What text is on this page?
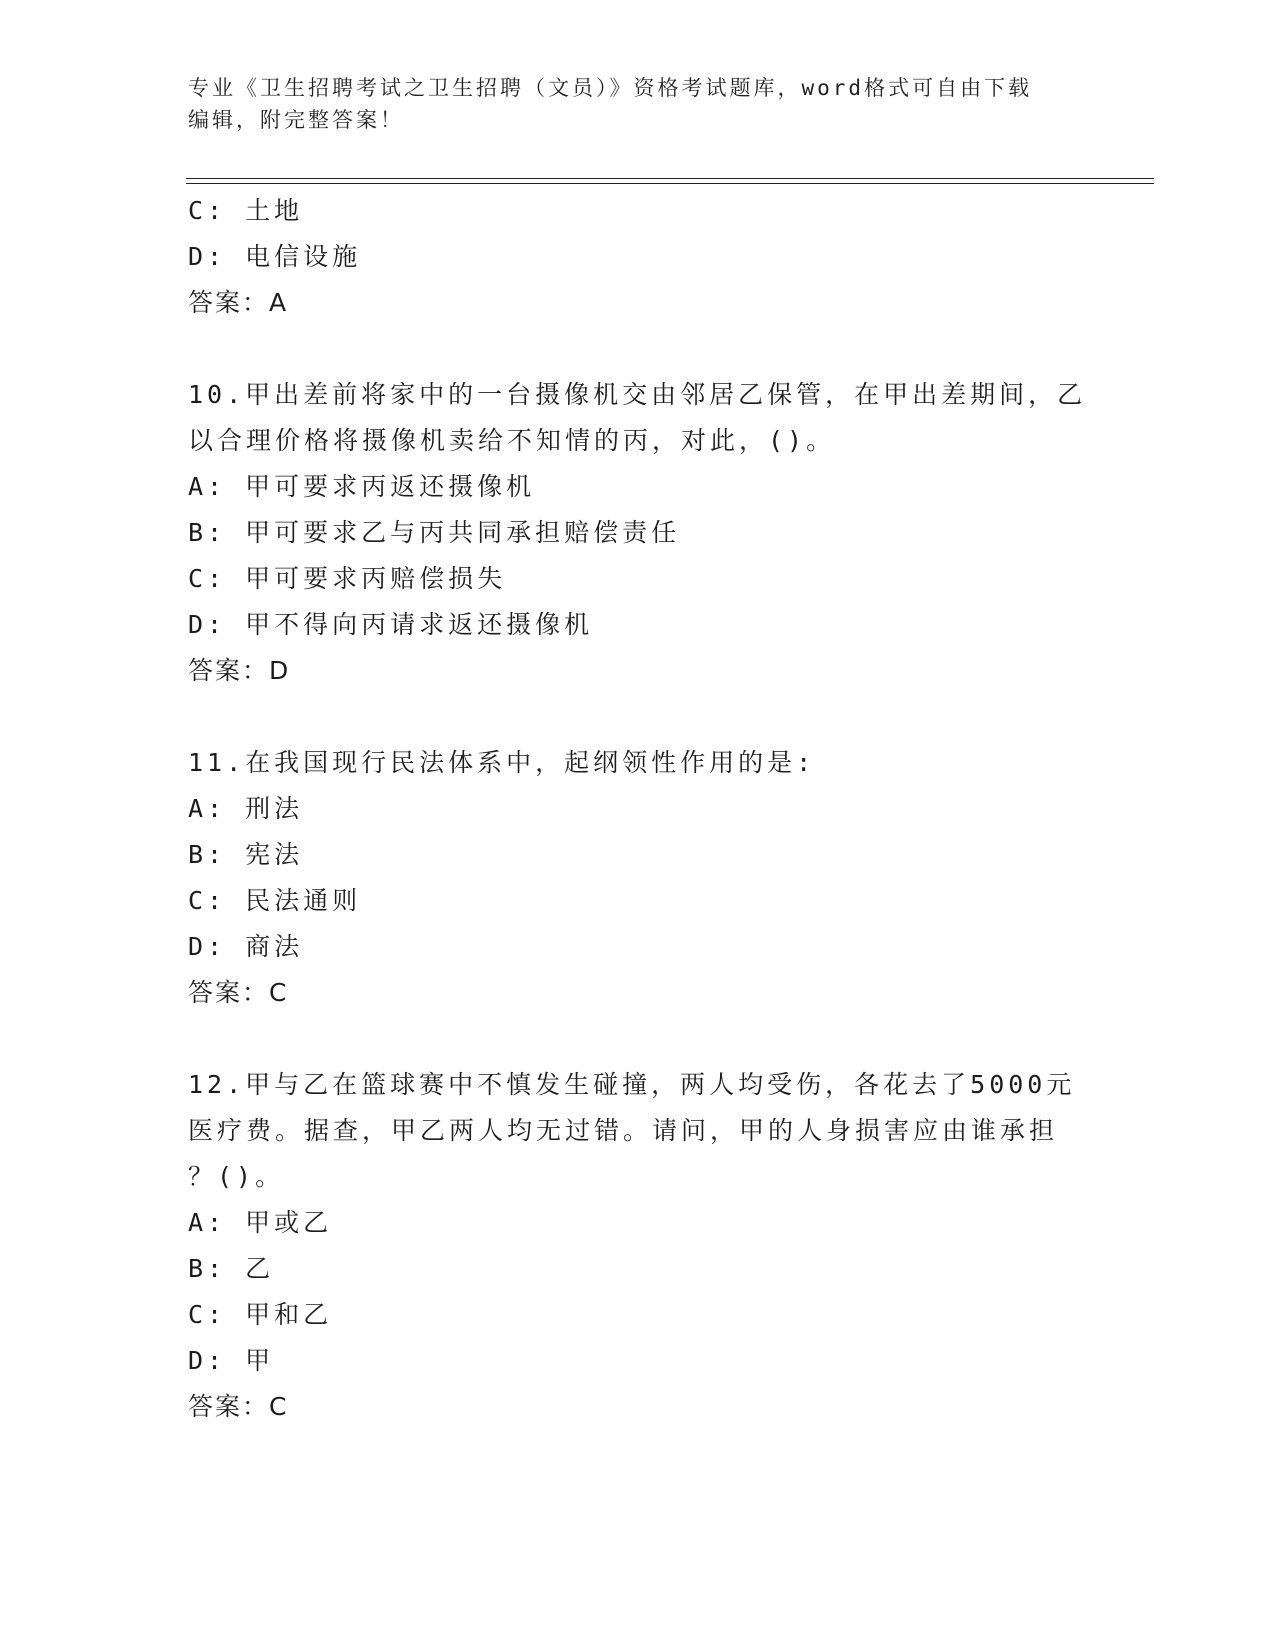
专业《卫生招聘考试之卫生招聘（文员）》资格考试题库，word格式可自由下载
编辑，附完整答案！
C: 土地
D: 电信设施
答案：A
10.甲出差前将家中的一台摄像机交由邻居乙保管，在甲出差期间，乙
以合理价格将摄像机卖给不知情的丙，对此，()。
A: 甲可要求丙返还摄像机
B: 甲可要求乙与丙共同承担赔偿责任
C: 甲可要求丙赔偿损失
D: 甲不得向丙请求返还摄像机
答案：D
11.在我国现行民法体系中，起纲领性作用的是:
A: 刑法
B: 宪法
C: 民法通则
D: 商法
答案：C
12.甲与乙在篮球赛中不慎发生碰撞，两人均受伤，各花去了5000元
医疗费。据查，甲乙两人均无过错。请问，甲的人身损害应由谁承担
？()。
A: 甲或乙
B: 乙
C: 甲和乙
D: 甲
答案：C
